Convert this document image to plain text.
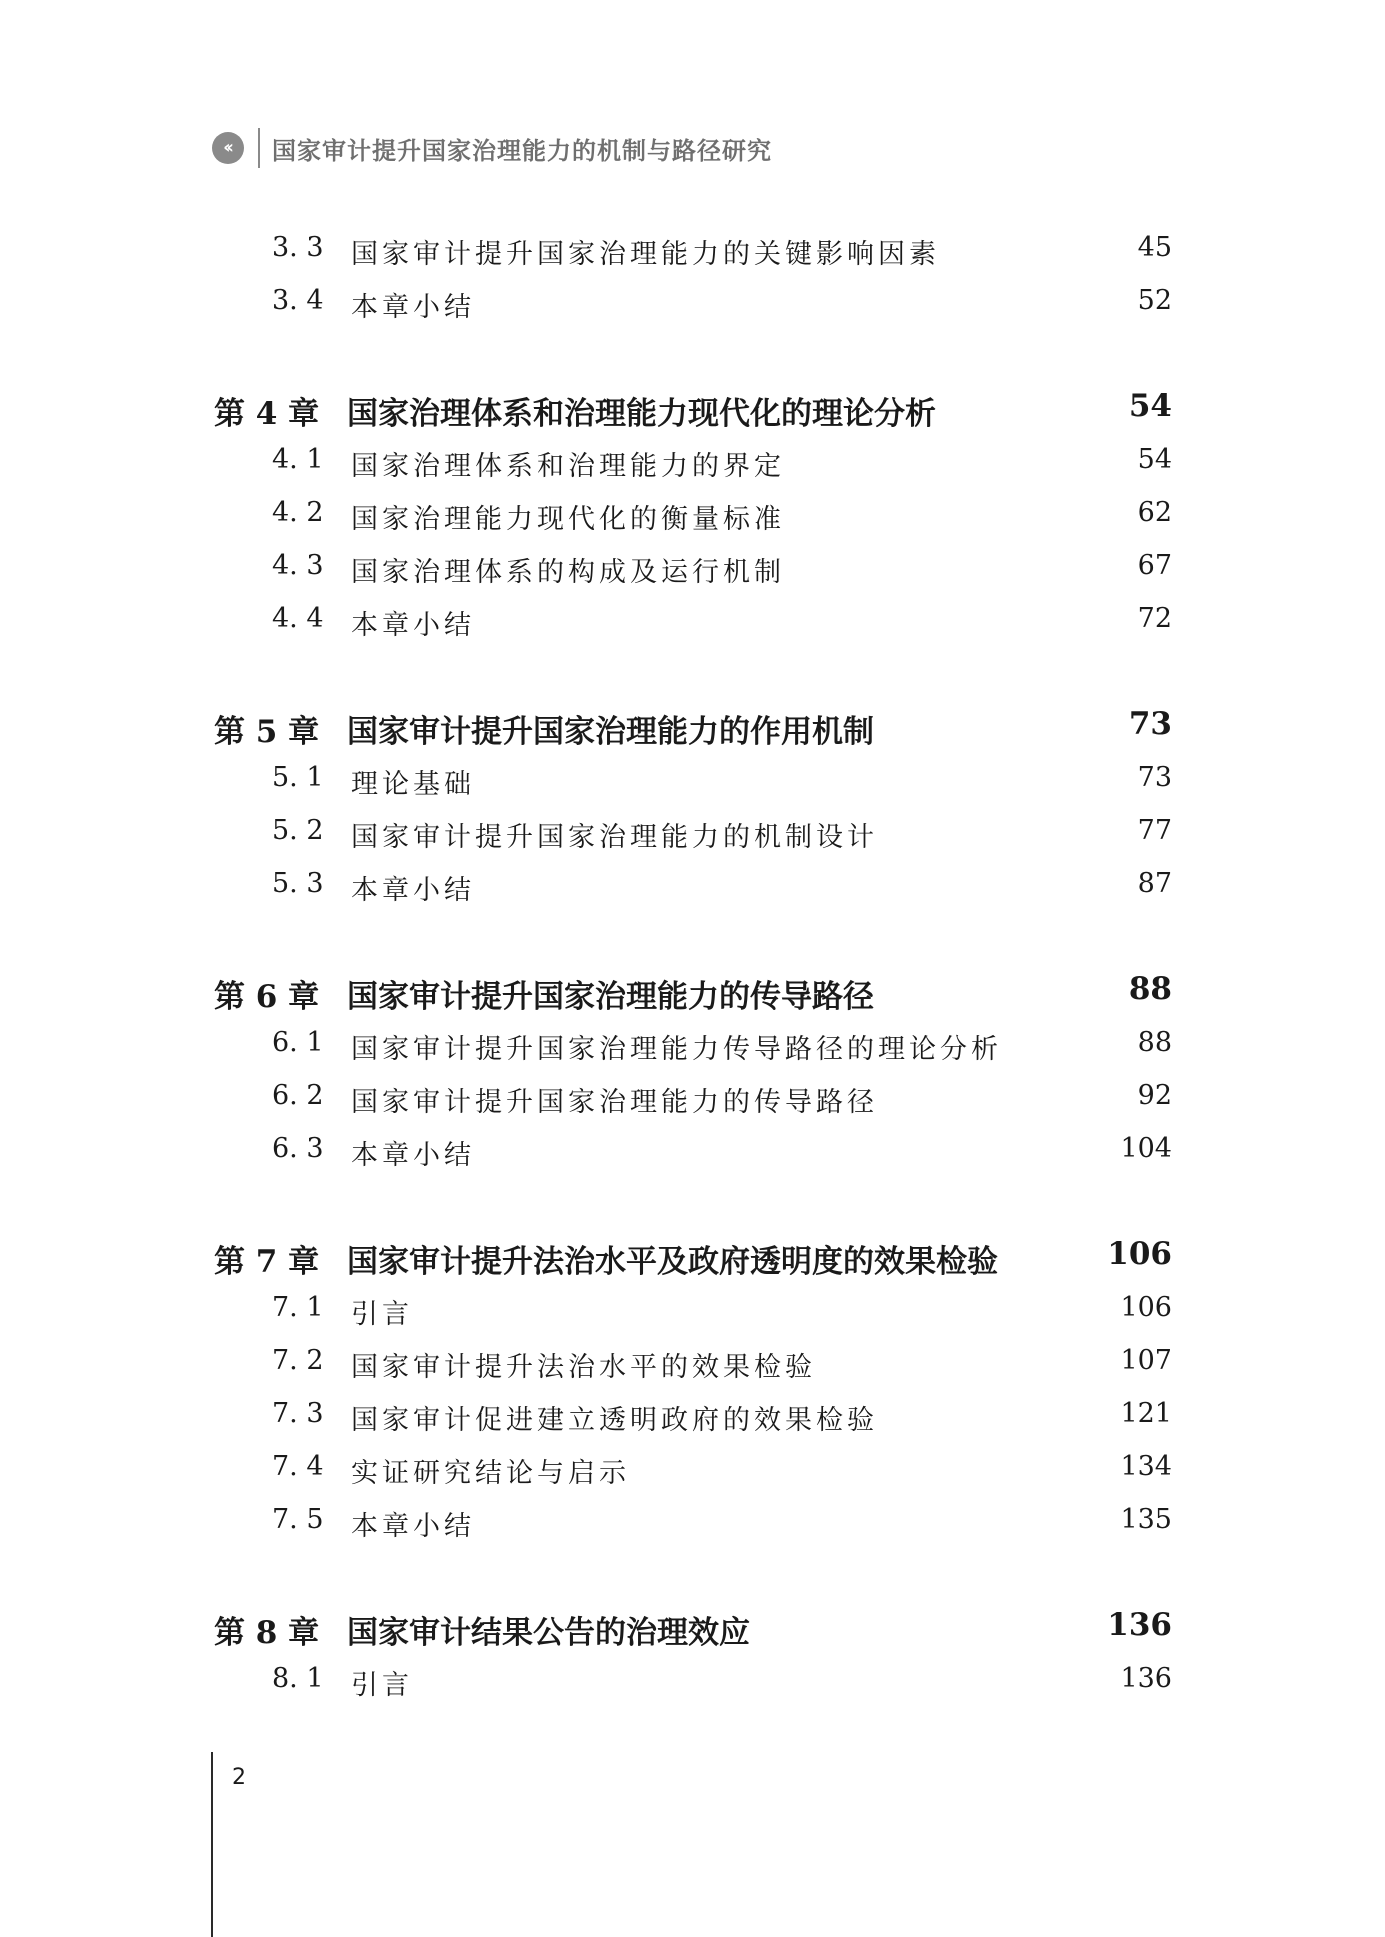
‹‹	国家审计提升国家治理能力的机制与路径研究
3. 3 国家审计提升国家治理能力的关键影响因素	45
3. 4 本章小结	52
第 4 章 国家治理体系和治理能力现代化的理论分析	54
4. 1 国家治理体系和治理能力的界定	54
4. 2 国家治理能力现代化的衡量标准	62
4. 3 国家治理体系的构成及运行机制	67
4. 4 本章小结	72
第 5 章 国家审计提升国家治理能力的作用机制	73
5. 1 理论基础	73
5. 2 国家审计提升国家治理能力的机制设计	77
5. 3 本章小结	87
第 6 章 国家审计提升国家治理能力的传导路径	88
6. 1 国家审计提升国家治理能力传导路径的理论分析	88
6. 2 国家审计提升国家治理能力的传导路径	92
6. 3 本章小结	104
第 7 章 国家审计提升法治水平及政府透明度的效果检验	106
7. 1 引言	106
7. 2 国家审计提升法治水平的效果检验	107
7. 3 国家审计促进建立透明政府的效果检验	121
7. 4 实证研究结论与启示	134
7. 5 本章小结	135
第 8 章 国家审计结果公告的治理效应	136
8. 1 引言	136
2
